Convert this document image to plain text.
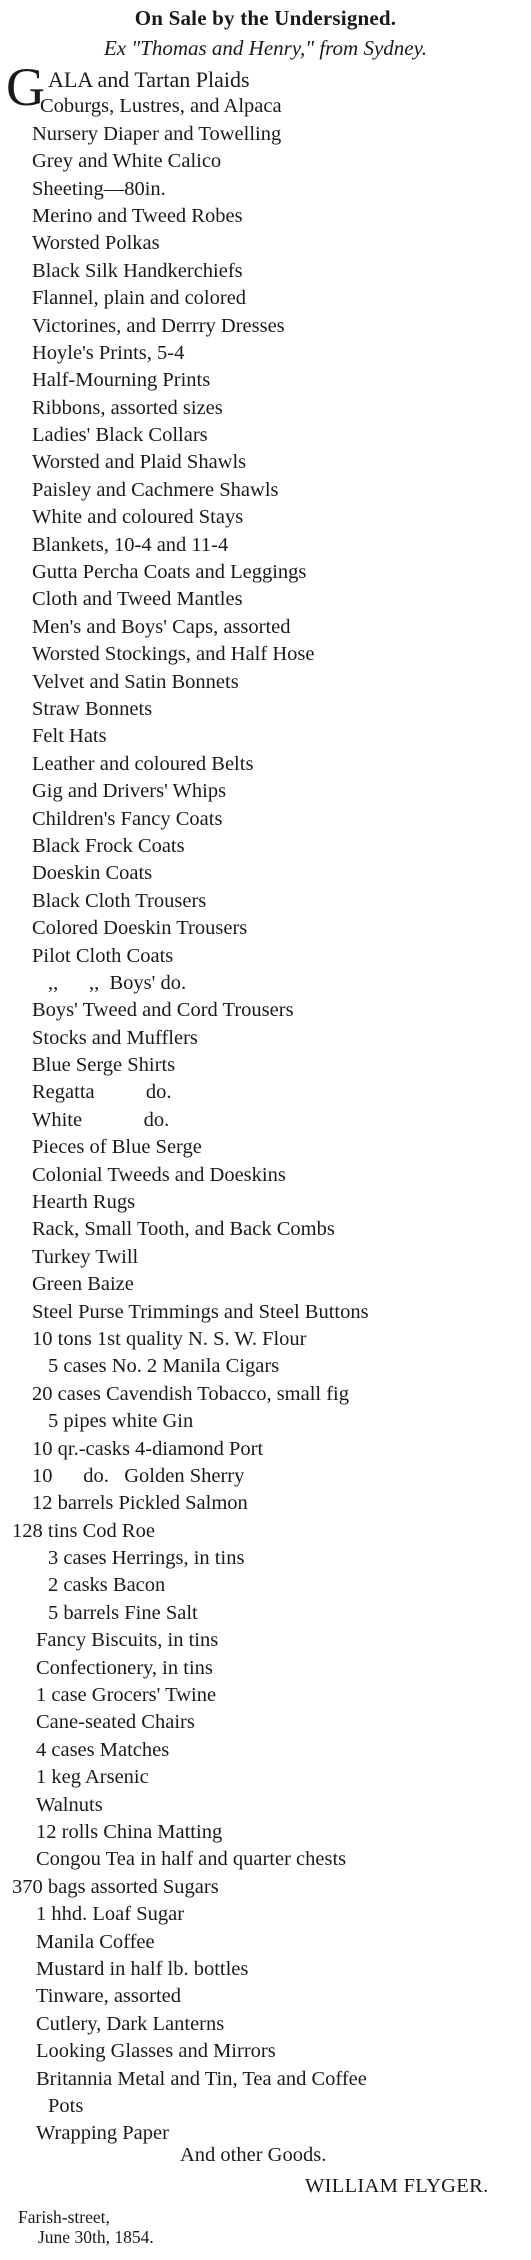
On Sale by the Undersigned.
Ex "Thomas and Henry," from Sydney.
G ALA and Tartan Plaids
Coburgs, Lustres, and Alpaca
Nursery Diaper and Towelling
Grey and White Calico
Sheeting—80in.
Merino and Tweed Robes
Worsted Polkas
Black Silk Handkerchiefs
Flannel, plain and colored
Victorines, and Derrry Dresses
Hoyle's Prints, 5-4
Half-Mourning Prints
Ribbons, assorted sizes
Ladies' Black Collars
Worsted and Plaid Shawls
Paisley and Cachmere Shawls
White and coloured Stays
Blankets, 10-4 and 11-4
Gutta Percha Coats and Leggings
Cloth and Tweed Mantles
Men's and Boys' Caps, assorted
Worsted Stockings, and Half Hose
Velvet and Satin Bonnets
Straw Bonnets
Felt Hats
Leather and coloured Belts
Gig and Drivers' Whips
Children's Fancy Coats
Black Frock Coats
Doeskin Coats
Black Cloth Trousers
Colored Doeskin Trousers
Pilot Cloth Coats
,,      ,,  Boys' do.
Boys' Tweed and Cord Trousers
Stocks and Mufflers
Blue Serge Shirts
Regatta          do.
White            do.
Pieces of Blue Serge
Colonial Tweeds and Doeskins
Hearth Rugs
Rack, Small Tooth, and Back Combs
Turkey Twill
Green Baize
Steel Purse Trimmings and Steel Buttons
10 tons 1st quality N. S. W. Flour
5 cases No. 2 Manila Cigars
20 cases Cavendish Tobacco, small fig
5 pipes white Gin
10 qr.-casks 4-diamond Port
10      do.   Golden Sherry
12 barrels Pickled Salmon
128 tins Cod Roe
3 cases Herrings, in tins
2 casks Bacon
5 barrels Fine Salt
Fancy Biscuits, in tins
Confectionery, in tins
1 case Grocers' Twine
Cane-seated Chairs
4 cases Matches
1 keg Arsenic
Walnuts
12 rolls China Matting
Congou Tea in half and quarter chests
370 bags assorted Sugars
1 hhd. Loaf Sugar
Manila Coffee
Mustard in half lb. bottles
Tinware, assorted
Cutlery, Dark Lanterns
Looking Glasses and Mirrors
Britannia Metal and Tin, Tea and Coffee
Pots
Wrapping Paper
And other Goods.
WILLIAM FLYGER.
Farish-street,
June 30th, 1854.
